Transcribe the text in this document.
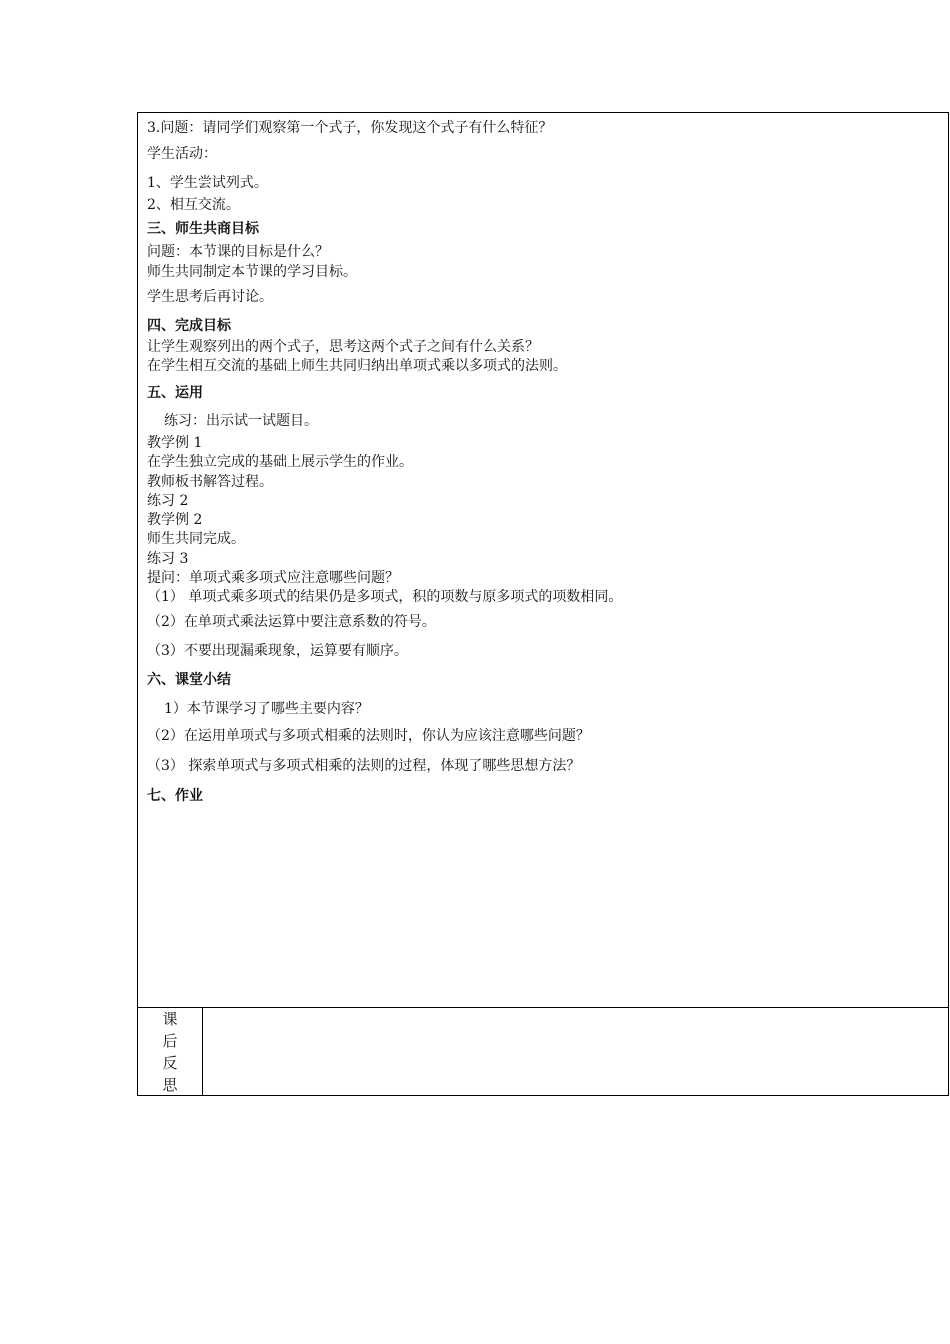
3.问题：请同学们观察第一个式子，你发现这个式子有什么特征？
学生活动：
1、学生尝试列式。
2、相互交流。
三、师生共商目标
问题：本节课的目标是什么？
师生共同制定本节课的学习目标。
学生思考后再讨论。
四、完成目标
让学生观察列出的两个式子，思考这两个式子之间有什么关系？
在学生相互交流的基础上师生共同归纳出单项式乘以多项式的法则。
五、运用
练习：出示试一试题目。
教学例 1
在学生独立完成的基础上展示学生的作业。
教师板书解答过程。
练习 2
教学例 2
师生共同完成。
练习 3
提问：单项式乘多项式应注意哪些问题？
（1） 单项式乘多项式的结果仍是多项式，积的项数与原多项式的项数相同。
（2）在单项式乘法运算中要注意系数的符号。
（3）不要出现漏乘现象，运算要有顺序。
六、课堂小结
1）本节课学习了哪些主要内容？
（2）在运用单项式与多项式相乘的法则时，你认为应该注意哪些问题？
（3） 探索单项式与多项式相乘的法则的过程，体现了哪些思想方法？
七、作业
课
后
反
思
